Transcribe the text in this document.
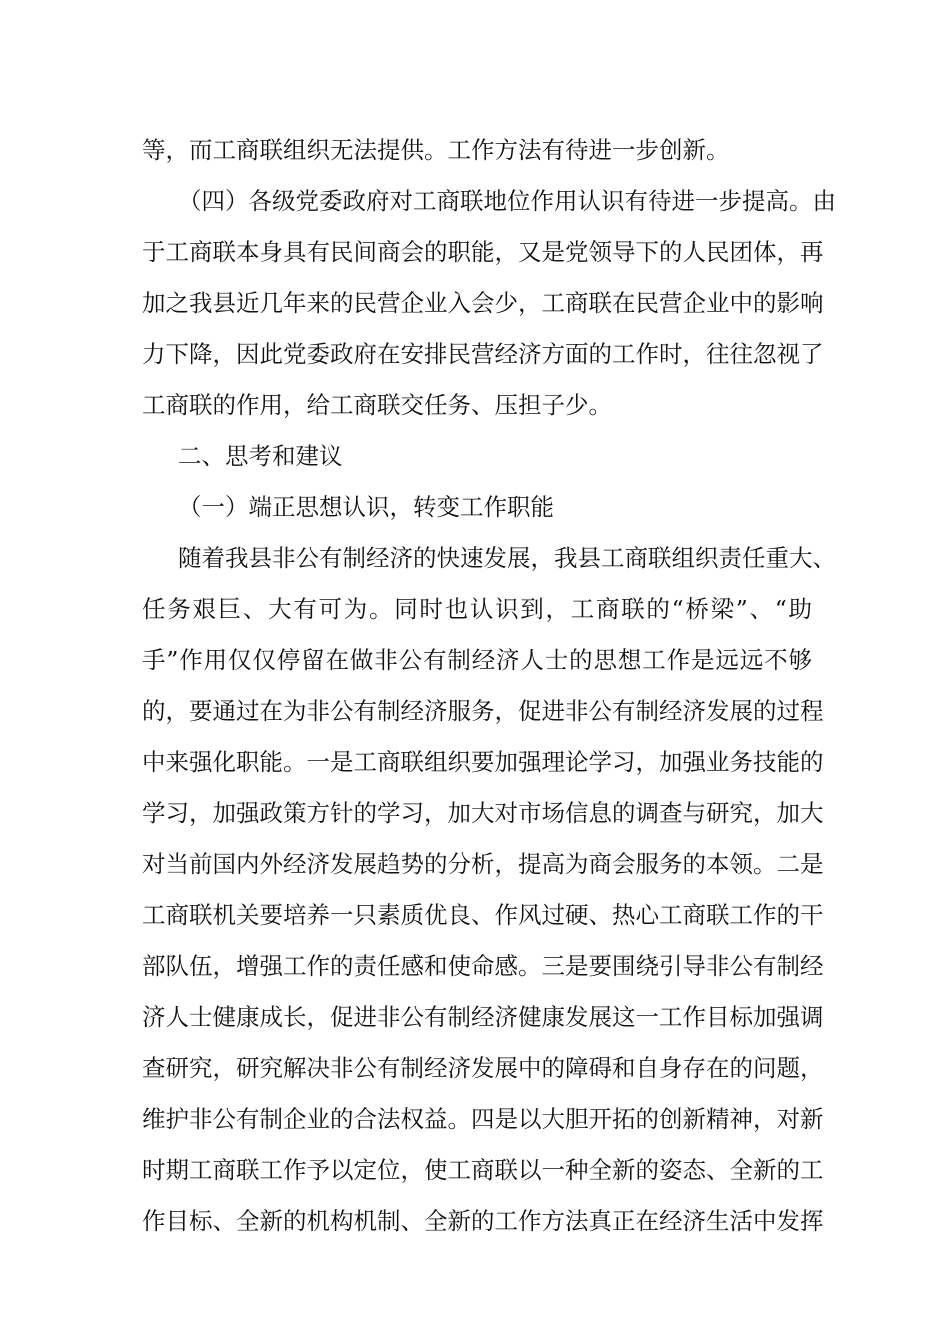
等，而工商联组织无法提供。工作方法有待进一步创新。
（四）各级党委政府对工商联地位作用认识有待进一步提高。由
于工商联本身具有民间商会的职能，又是党领导下的人民团体，再
加之我县近几年来的民营企业入会少，工商联在民营企业中的影响
力下降，因此党委政府在安排民营经济方面的工作时，往往忽视了
工商联的作用，给工商联交任务、压担子少。
二、思考和建议
（一）端正思想认识，转变工作职能
随着我县非公有制经济的快速发展，我县工商联组织责任重大、
任务艰巨、大有可为。同时也认识到，工商联的“桥梁”、“助
手”作用仅仅停留在做非公有制经济人士的思想工作是远远不够
的，要通过在为非公有制经济服务，促进非公有制经济发展的过程
中来强化职能。一是工商联组织要加强理论学习，加强业务技能的
学习，加强政策方针的学习，加大对市场信息的调查与研究，加大
对当前国内外经济发展趋势的分析，提高为商会服务的本领。二是
工商联机关要培养一只素质优良、作风过硬、热心工商联工作的干
部队伍，增强工作的责任感和使命感。三是要围绕引导非公有制经
济人士健康成长，促进非公有制经济健康发展这一工作目标加强调
查研究，研究解决非公有制经济发展中的障碍和自身存在的问题，
维护非公有制企业的合法权益。四是以大胆开拓的创新精神，对新
时期工商联工作予以定位，使工商联以一种全新的姿态、全新的工
作目标、全新的机构机制、全新的工作方法真正在经济生活中发挥
